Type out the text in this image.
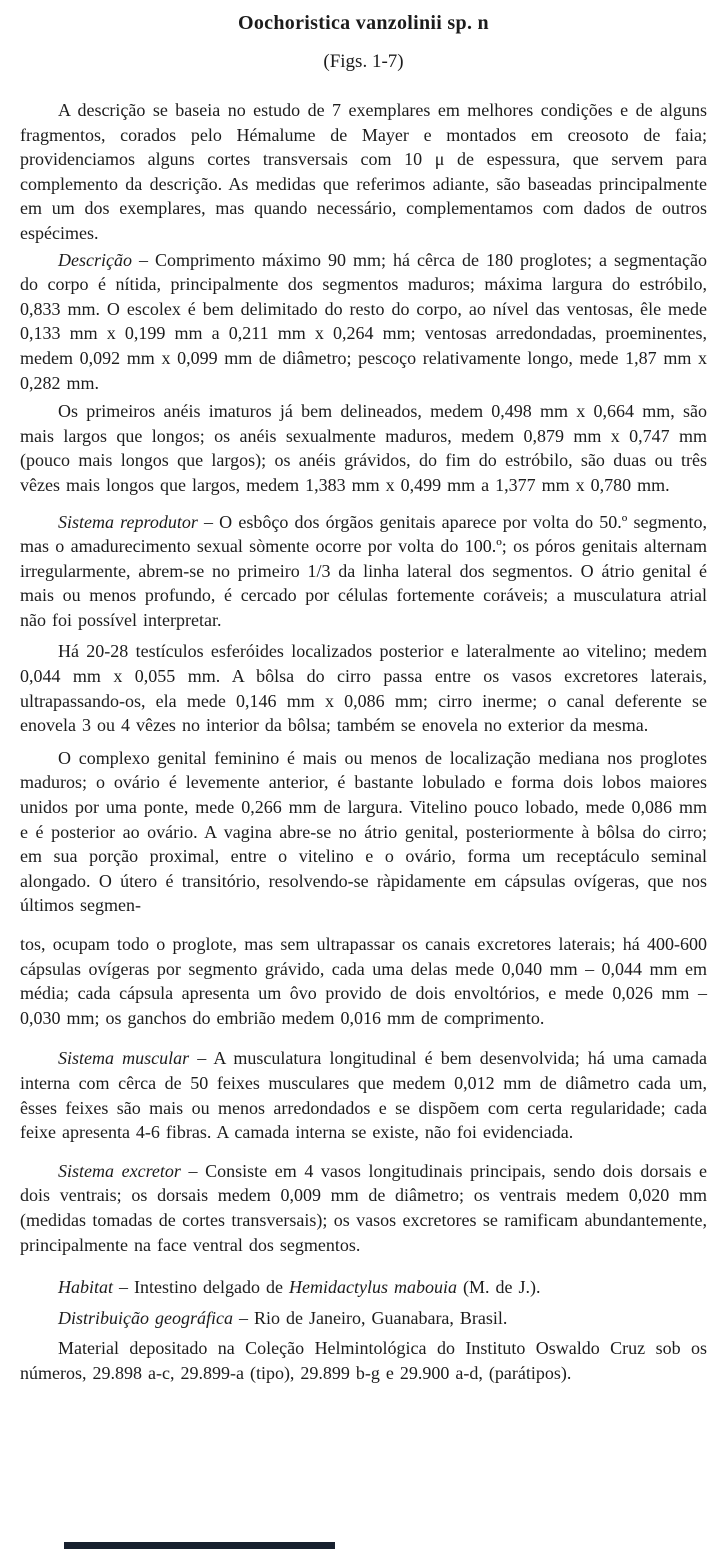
Oochoristica vanzolinii sp. n
(Figs. 1-7)

A descrição se baseia no estudo de 7 exemplares em melhores condições e de alguns fragmentos, corados pelo Hémalume de Mayer e montados em creosoto de faia; providenciamos alguns cortes transversais com 10 μ de espessura, que servem para complemento da descrição. As medidas que referimos adiante, são baseadas principalmente em um dos exemplares, mas quando necessário, complementamos com dados de outros espécimes.

Descrição – Comprimento máximo 90 mm; há cêrca de 180 proglotes; a segmentação do corpo é nítida, principalmente dos segmentos maduros; máxima largura do estróbilo, 0,833 mm. O escolex é bem delimitado do resto do corpo, ao nível das ventosas, êle mede 0,133 mm x 0,199 mm a 0,211 mm x 0,264 mm; ventosas arredondadas, proeminentes, medem 0,092 mm x 0,099 mm de diâmetro; pescoço relativamente longo, mede 1,87 mm x 0,282 mm.

Os primeiros anéis imaturos já bem delineados, medem 0,498 mm x 0,664 mm, são mais largos que longos; os anéis sexualmente maduros, medem 0,879 mm x 0,747 mm (pouco mais longos que largos); os anéis grávidos, do fim do estróbilo, são duas ou três vêzes mais longos que largos, medem 1,383 mm x 0,499 mm a 1,377 mm x 0,780 mm.

Sistema reprodutor – O esbôço dos órgãos genitais aparece por volta do 50.º segmento, mas o amadurecimento sexual sòmente ocorre por volta do 100.º; os póros genitais alternam irregularmente, abrem-se no primeiro 1/3 da linha lateral dos segmentos. O átrio genital é mais ou menos profundo, é cercado por células fortemente coráveis; a musculatura atrial não foi possível interpretar.

Há 20-28 testículos esferóides localizados posterior e lateralmente ao vitelino; medem 0,044 mm x 0,055 mm. A bôlsa do cirro passa entre os vasos excretores laterais, ultrapassando-os, ela mede 0,146 mm x 0,086 mm; cirro inerme; o canal deferente se enovela 3 ou 4 vêzes no interior da bôlsa; também se enovela no exterior da mesma.

O complexo genital feminino é mais ou menos de localização mediana nos proglotes maduros; o ovário é levemente anterior, é bastante lobulado e forma dois lobos maiores unidos por uma ponte, mede 0,266 mm de largura. Vitelino pouco lobado, mede 0,086 mm e é posterior ao ovário. A vagina abre-se no átrio genital, posteriormente à bôlsa do cirro; em sua porção proximal, entre o vitelino e o ovário, forma um receptáculo seminal alongado. O útero é transitório, resolvendo-se ràpidamente em cápsulas ovígeras, que nos últimos segmen-

tos, ocupam todo o proglote, mas sem ultrapassar os canais excretores laterais; há 400-600 cápsulas ovígeras por segmento grávido, cada uma delas mede 0,040 mm – 0,044 mm em média; cada cápsula apresenta um ôvo provido de dois envoltórios, e mede 0,026 mm – 0,030 mm; os ganchos do embrião medem 0,016 mm de comprimento.

Sistema muscular – A musculatura longitudinal é bem desenvolvida; há uma camada interna com cêrca de 50 feixes musculares que medem 0,012 mm de diâmetro cada um, êsses feixes são mais ou menos arredondados e se dispõem com certa regularidade; cada feixe apresenta 4-6 fibras. A camada interna se existe, não foi evidenciada.

Sistema excretor – Consiste em 4 vasos longitudinais principais, sendo dois dorsais e dois ventrais; os dorsais medem 0,009 mm de diâmetro; os ventrais medem 0,020 mm (medidas tomadas de cortes transversais); os vasos excretores se ramificam abundantemente, principalmente na face ventral dos segmentos.

Habitat – Intestino delgado de Hemidactylus mabouia (M. de J.).

Distribuição geográfica – Rio de Janeiro, Guanabara, Brasil.

Material depositado na Coleção Helmintológica do Instituto Oswaldo Cruz sob os números, 29.898 a-c, 29.899-a (tipo), 29.899 b-g e 29.900 a-d, (parátipos).
